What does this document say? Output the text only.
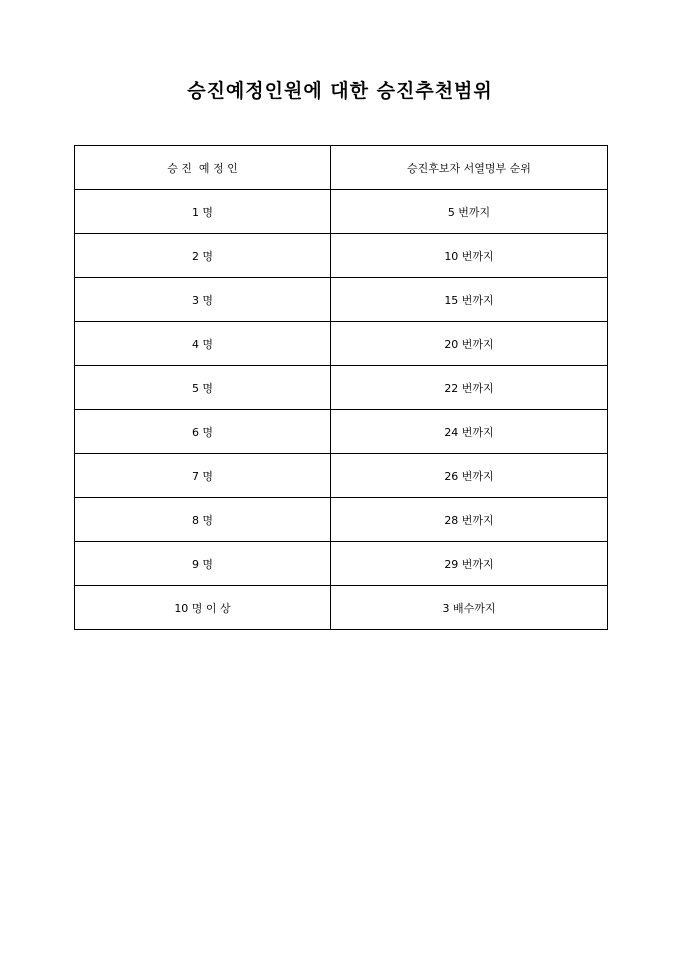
승진예정인원에 대한 승진추천범위
승 진  예 정 인	승진후보자 서열명부 순위
1 명	5 번까지
2 명	10 번까지
3 명	15 번까지
4 명	20 번까지
5 명	22 번까지
6 명	24 번까지
7 명	26 번까지
8 명	28 번까지
9 명	29 번까지
10 명 이 상	3 배수까지
